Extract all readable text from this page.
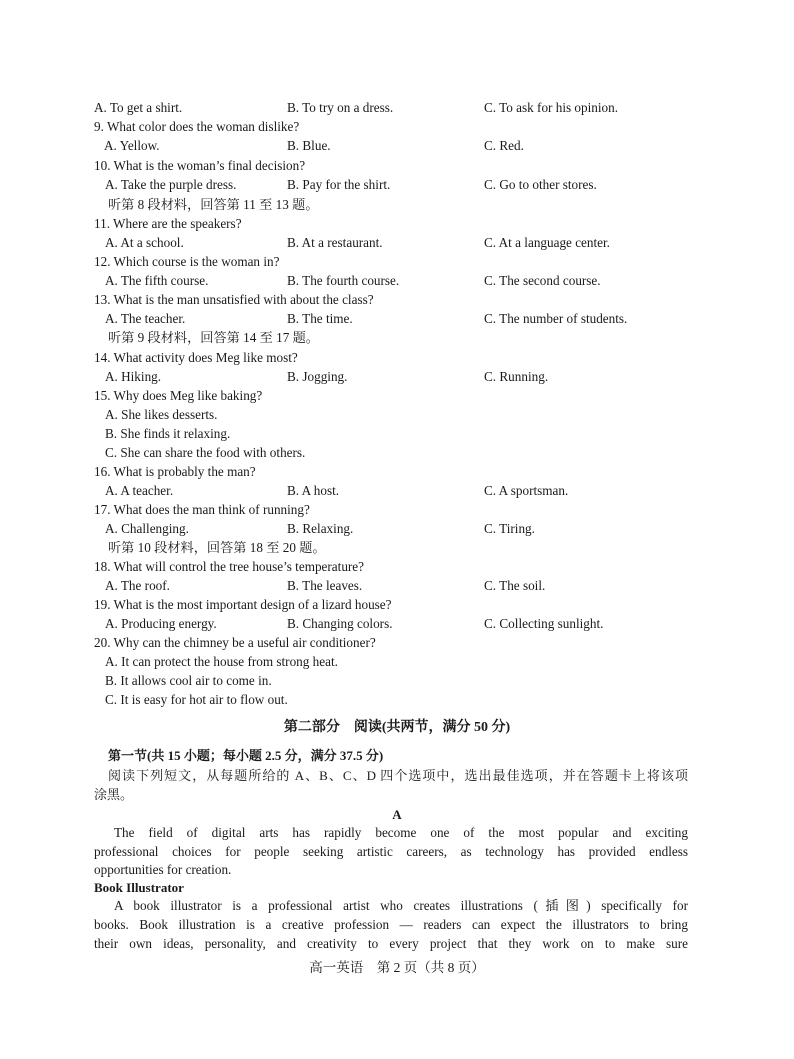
A. To get a shirt.	B. To try on a dress.	C. To ask for his opinion.
9. What color does the woman dislike?
A. Yellow.	B. Blue.	C. Red.
10. What is the woman’s final decision?
A. Take the purple dress.	B. Pay for the shirt.	C. Go to other stores.
听第 8 段材料，回答第 11 至 13 题。
11. Where are the speakers?
A. At a school.	B. At a restaurant.	C. At a language center.
12. Which course is the woman in?
A. The fifth course.	B. The fourth course.	C. The second course.
13. What is the man unsatisfied with about the class?
A. The teacher.	B. The time.	C. The number of students.
听第 9 段材料，回答第 14 至 17 题。
14. What activity does Meg like most?
A. Hiking.	B. Jogging.	C. Running.
15. Why does Meg like baking?
A. She likes desserts.
B. She finds it relaxing.
C. She can share the food with others.
16. What is probably the man?
A. A teacher.	B. A host.	C. A sportsman.
17. What does the man think of running?
A. Challenging.	B. Relaxing.	C. Tiring.
听第 10 段材料，回答第 18 至 20 题。
18. What will control the tree house’s temperature?
A. The roof.	B. The leaves.	C. The soil.
19. What is the most important design of a lizard house?
A. Producing energy.	B. Changing colors.	C. Collecting sunlight.
20. Why can the chimney be a useful air conditioner?
A. It can protect the house from strong heat.
B. It allows cool air to come in.
C. It is easy for hot air to flow out.
第二部分　阅读(共两节，满分 50 分)
第一节(共 15 小题；每小题 2.5 分，满分 37.5 分)
阅读下列短文，从每题所给的 A、B、C、D 四个选项中，选出最佳选项，并在答题卡上将该项
涂黑。
A
The field of digital arts has rapidly become one of the most popular and exciting
professional choices for people seeking artistic careers, as technology has provided endless
opportunities for creation.
Book Illustrator
A book illustrator is a professional artist who creates illustrations (插图) specifically for
books. Book illustration is a creative profession — readers can expect the illustrators to bring
their own ideas, personality, and creativity to every project that they work on to make sure
高一英语　第 2 页（共 8 页）
